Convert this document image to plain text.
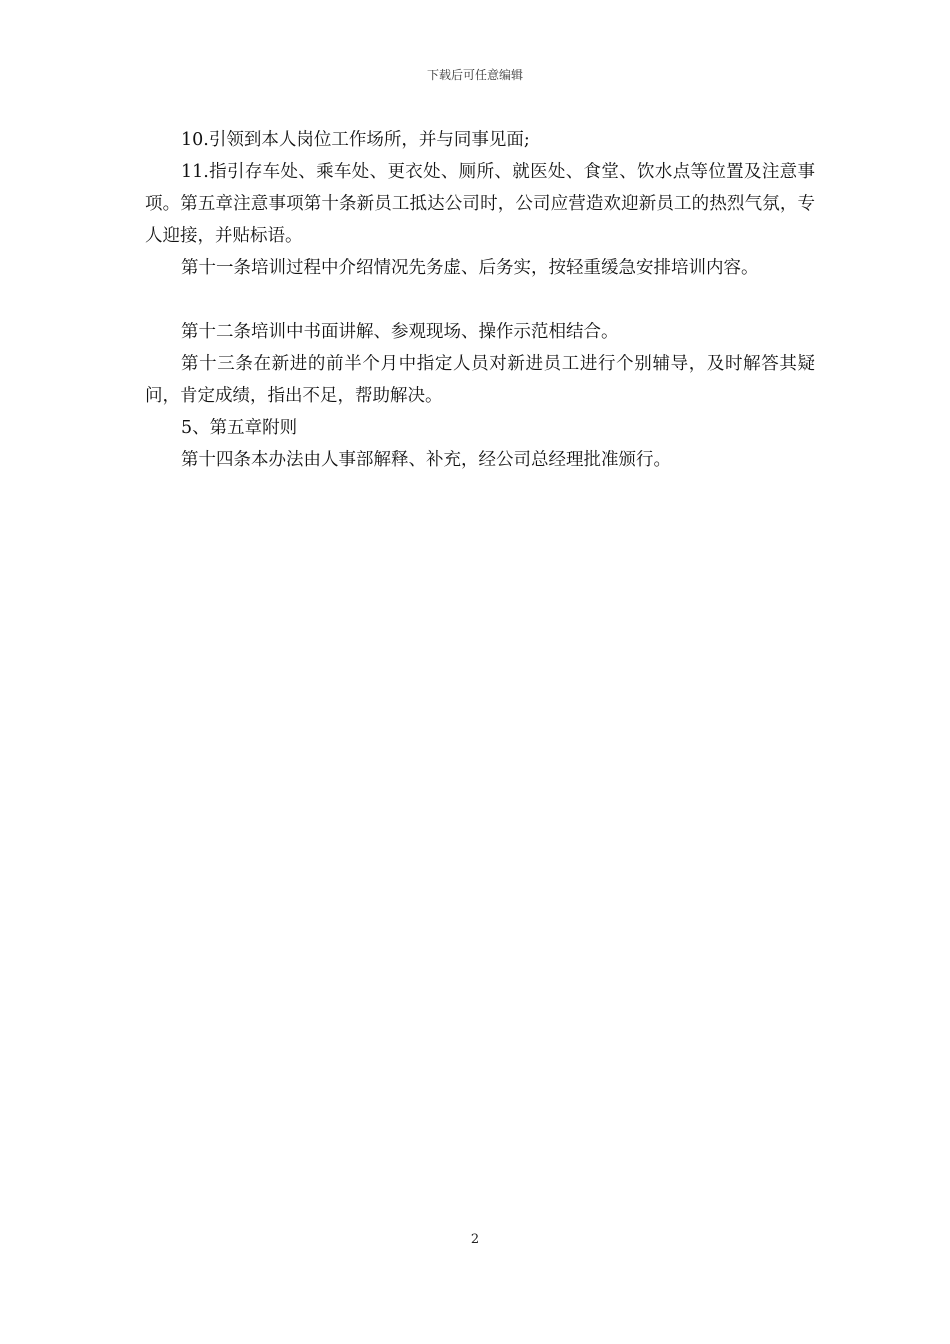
下载后可任意编辑

10.引领到本人岗位工作场所，并与同事见面;

11.指引存车处、乘车处、更衣处、厕所、就医处、食堂、饮水点等位置及注意事项。第五章注意事项第十条新员工抵达公司时，公司应营造欢迎新员工的热烈气氛，专人迎接，并贴标语。

第十一条培训过程中介绍情况先务虚、后务实，按轻重缓急安排培训内容。

第十二条培训中书面讲解、参观现场、操作示范相结合。

第十三条在新进的前半个月中指定人员对新进员工进行个别辅导，及时解答其疑问，肯定成绩，指出不足，帮助解决。

5、第五章附则

第十四条本办法由人事部解释、补充，经公司总经理批准颁行。

2
